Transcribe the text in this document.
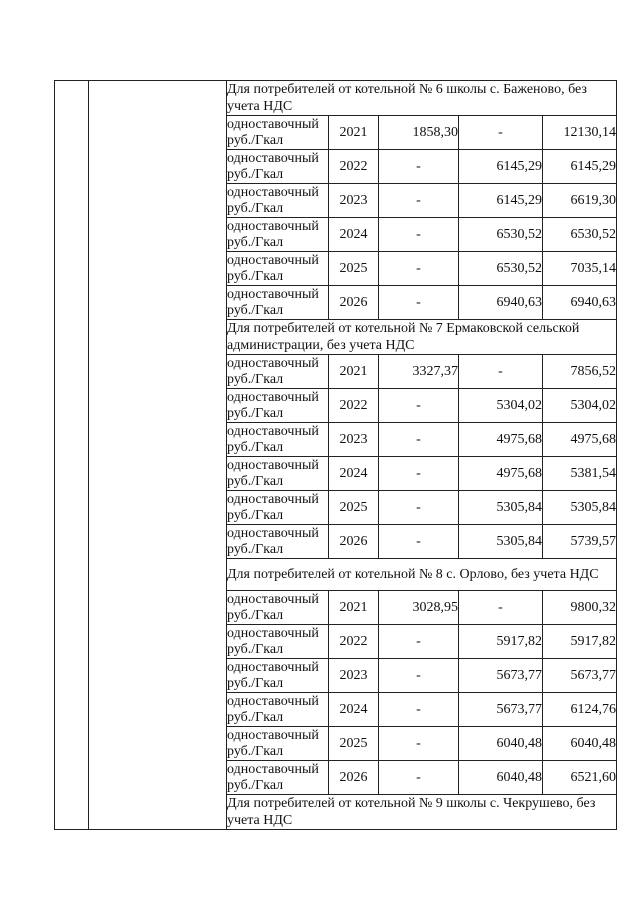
		Для потребителей от котельной № 6 школы с. Баженово, без учета НДС				
		одноставочный руб./Гкал	2021	1858,30	-	12130,14
		одноставочный руб./Гкал	2022	-	6145,29	6145,29
		одноставочный руб./Гкал	2023	-	6145,29	6619,30
		одноставочный руб./Гкал	2024	-	6530,52	6530,52
		одноставочный руб./Гкал	2025	-	6530,52	7035,14
		одноставочный руб./Гкал	2026	-	6940,63	6940,63
		Для потребителей от котельной № 7 Ермаковской сельской администрации, без учета НДС				
		одноставочный руб./Гкал	2021	3327,37	-	7856,52
		одноставочный руб./Гкал	2022	-	5304,02	5304,02
		одноставочный руб./Гкал	2023	-	4975,68	4975,68
		одноставочный руб./Гкал	2024	-	4975,68	5381,54
		одноставочный руб./Гкал	2025	-	5305,84	5305,84
		одноставочный руб./Гкал	2026	-	5305,84	5739,57
		Для потребителей от котельной № 8 с. Орлово, без учета НДС				
		одноставочный руб./Гкал	2021	3028,95	-	9800,32
		одноставочный руб./Гкал	2022	-	5917,82	5917,82
		одноставочный руб./Гкал	2023	-	5673,77	5673,77
		одноставочный руб./Гкал	2024	-	5673,77	6124,76
		одноставочный руб./Гкал	2025	-	6040,48	6040,48
		одноставочный руб./Гкал	2026	-	6040,48	6521,60
		Для потребителей от котельной № 9 школы с. Чекрушево, без учета НДС				
